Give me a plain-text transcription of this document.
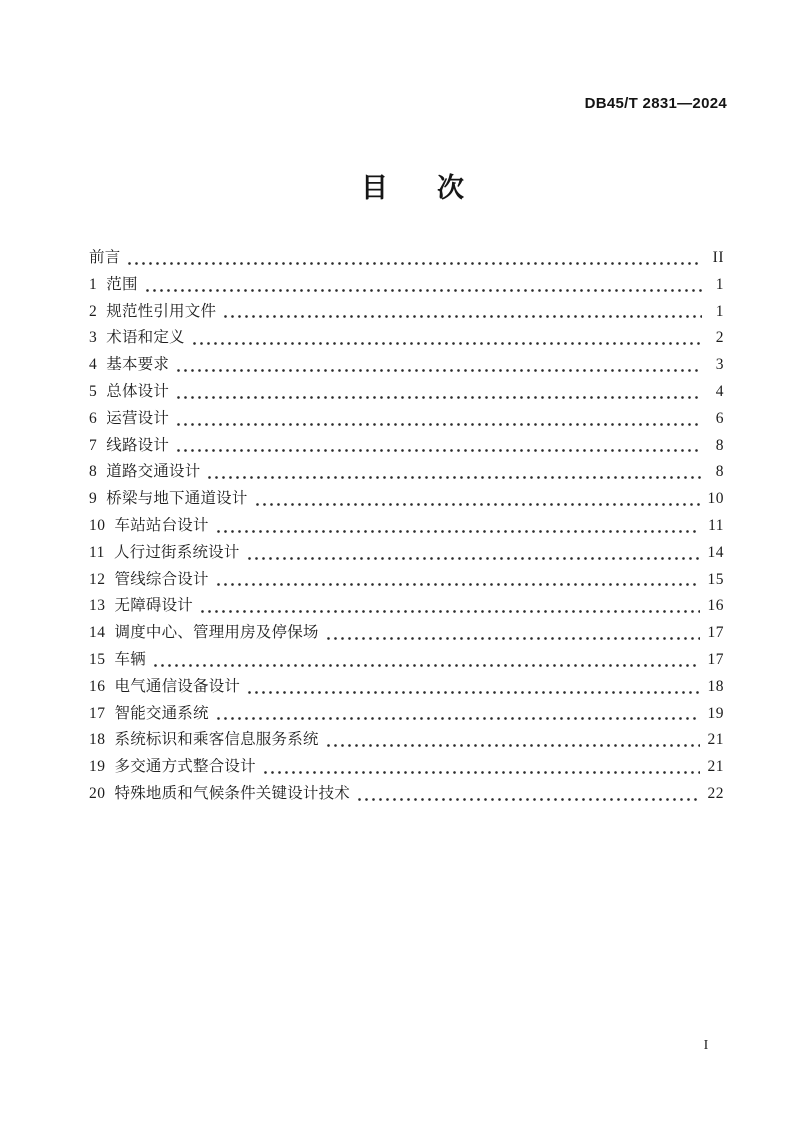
DB45/T 2831—2024
目　次
前言	II
1 范围	1
2 规范性引用文件	1
3 术语和定义	2
4 基本要求	3
5 总体设计	4
6 运营设计	6
7 线路设计	8
8 道路交通设计	8
9 桥梁与地下通道设计	10
10 车站站台设计	11
11 人行过街系统设计	14
12 管线综合设计	15
13 无障碍设计	16
14 调度中心、管理用房及停保场	17
15 车辆	17
16 电气通信设备设计	18
17 智能交通系统	19
18 系统标识和乘客信息服务系统	21
19 多交通方式整合设计	21
20 特殊地质和气候条件关键设计技术	22
I
